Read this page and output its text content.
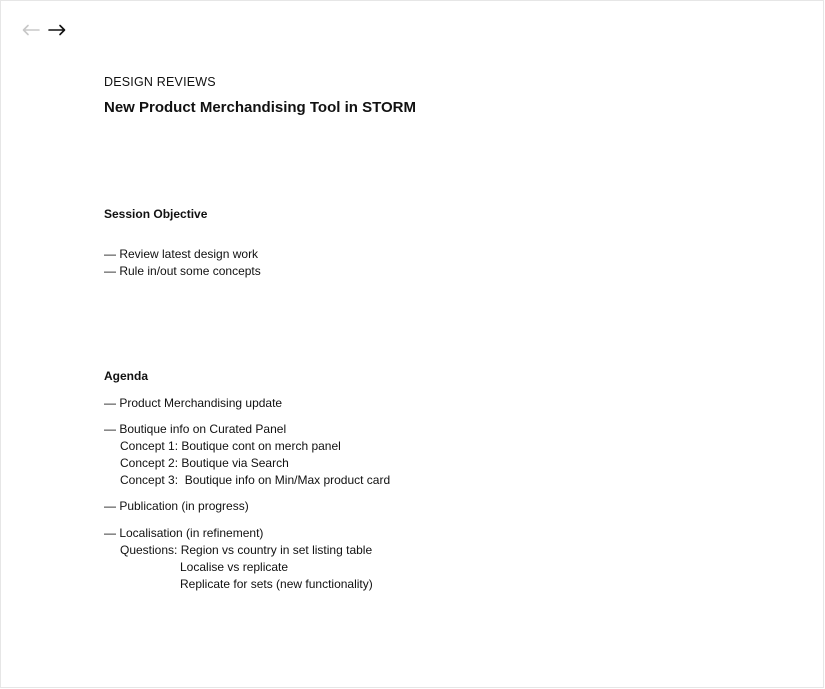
DESIGN REVIEWS

New Product Merchandising Tool in STORM
Session Objective
— Review latest design work
— Rule in/out some concepts
Agenda
— Product Merchandising update
— Boutique info on Curated Panel
Concept 1: Boutique cont on merch panel
Concept 2: Boutique via Search
Concept 3:  Boutique info on Min/Max product card
— Publication (in progress)
— Localisation (in refinement)
Questions: Region vs country in set listing table
Localise vs replicate
Replicate for sets (new functionality)
